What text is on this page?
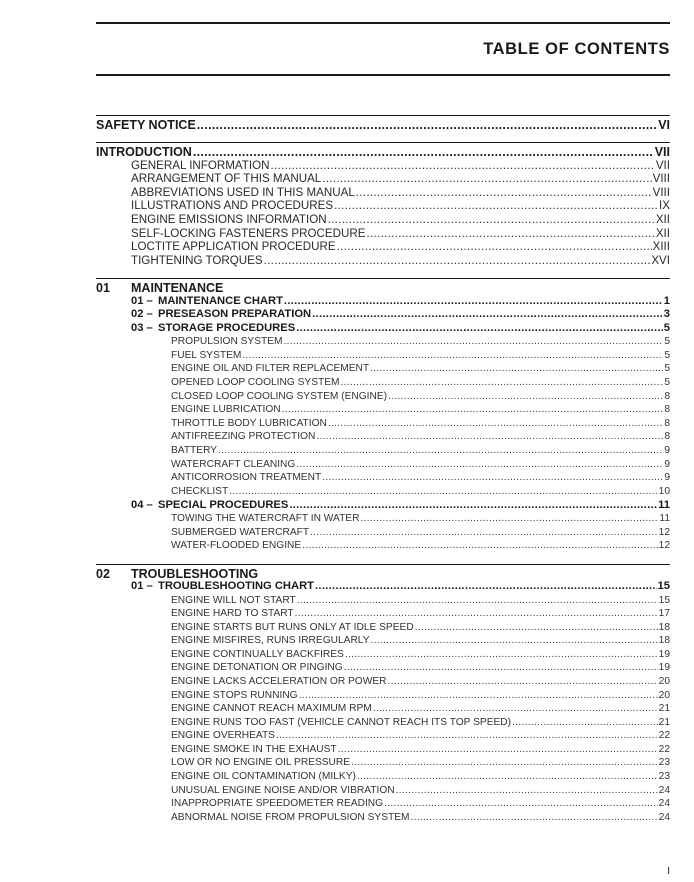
TABLE OF CONTENTS
SAFETY NOTICE .....	VI
INTRODUCTION .....	VII
GENERAL INFORMATION .....	VII
ARRANGEMENT OF THIS MANUAL .....	VIII
ABBREVIATIONS USED IN THIS MANUAL .....	VIII
ILLUSTRATIONS AND PROCEDURES .....	IX
ENGINE EMISSIONS INFORMATION .....	XII
SELF-LOCKING FASTENERS PROCEDURE .....	XII
LOCTITE APPLICATION PROCEDURE .....	XIII
TIGHTENING TORQUES .....	XVI
01 MAINTENANCE
01 – MAINTENANCE CHART .....	1
02 – PRESEASON PREPARATION .....	3
03 – STORAGE PROCEDURES .....	5
PROPULSION SYSTEM .....	5
FUEL SYSTEM .....	5
ENGINE OIL AND FILTER REPLACEMENT .....	5
OPENED LOOP COOLING SYSTEM .....	5
CLOSED LOOP COOLING SYSTEM (ENGINE) .....	8
ENGINE LUBRICATION .....	8
THROTTLE BODY LUBRICATION .....	8
ANTIFREEZING PROTECTION .....	8
BATTERY .....	9
WATERCRAFT CLEANING .....	9
ANTICORROSION TREATMENT .....	9
CHECKLIST .....	10
04 – SPECIAL PROCEDURES .....	11
TOWING THE WATERCRAFT IN WATER .....	11
SUBMERGED WATERCRAFT .....	12
WATER-FLOODED ENGINE .....	12
02 TROUBLESHOOTING
01 – TROUBLESHOOTING CHART .....	15
ENGINE WILL NOT START .....	15
ENGINE HARD TO START .....	17
ENGINE STARTS BUT RUNS ONLY AT IDLE SPEED .....	18
ENGINE MISFIRES, RUNS IRREGULARLY .....	18
ENGINE CONTINUALLY BACKFIRES .....	19
ENGINE DETONATION OR PINGING .....	19
ENGINE LACKS ACCELERATION OR POWER .....	20
ENGINE STOPS RUNNING .....	20
ENGINE CANNOT REACH MAXIMUM RPM .....	21
ENGINE RUNS TOO FAST (VEHICLE CANNOT REACH ITS TOP SPEED) .....	21
ENGINE OVERHEATS .....	22
ENGINE SMOKE IN THE EXHAUST .....	22
LOW OR NO ENGINE OIL PRESSURE .....	23
ENGINE OIL CONTAMINATION (MILKY) .....	23
UNUSUAL ENGINE NOISE AND/OR VIBRATION .....	24
INAPPROPRIATE SPEEDOMETER READING .....	24
ABNORMAL NOISE FROM PROPULSION SYSTEM .....	24
I
